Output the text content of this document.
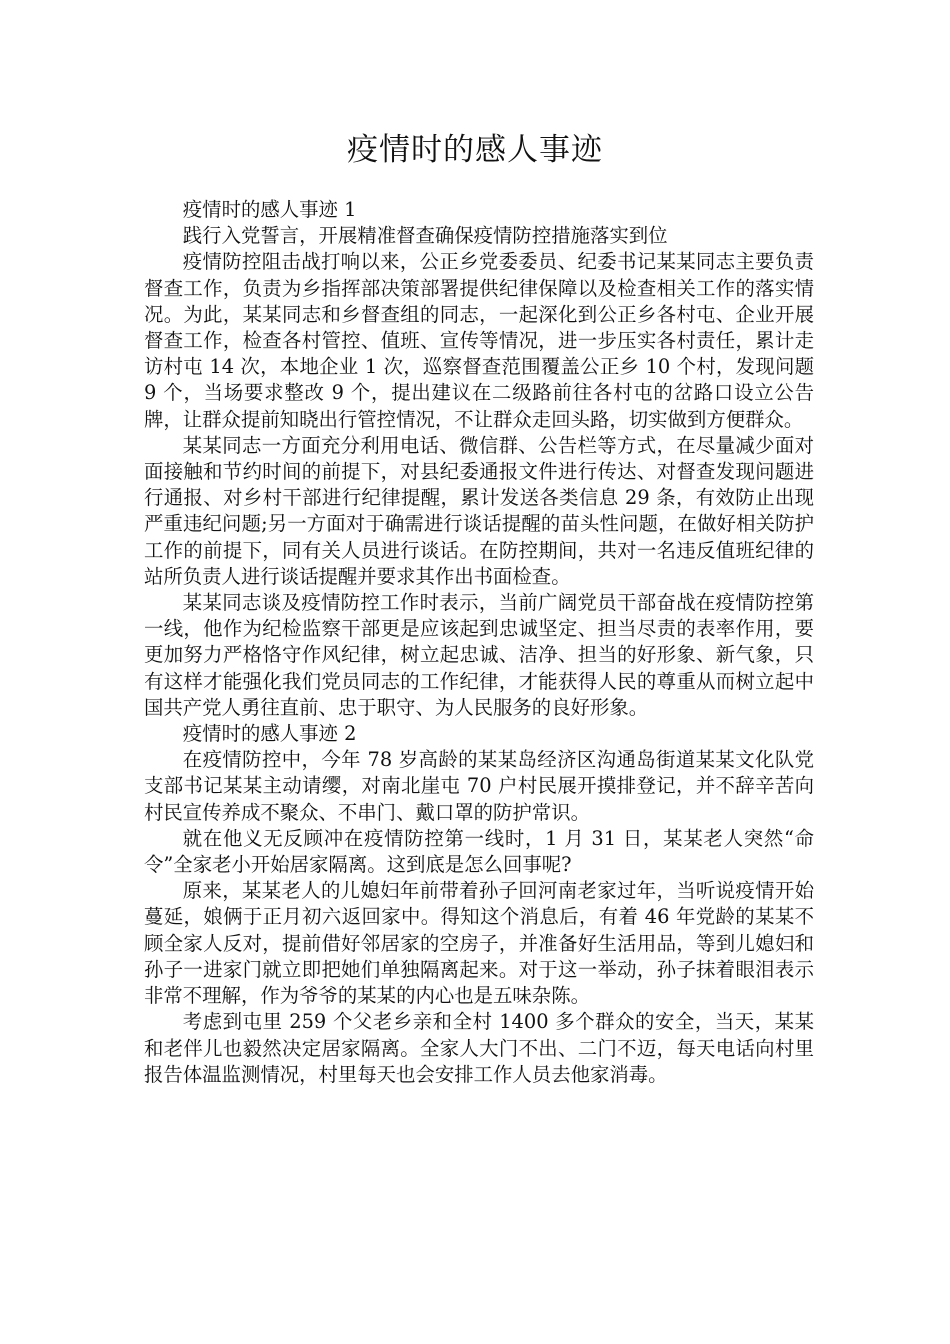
疫情时的感人事迹

疫情时的感人事迹 1

践行入党誓言，开展精准督查确保疫情防控措施落实到位

疫情防控阻击战打响以来，公正乡党委委员、纪委书记某某同志主要负责督查工作，负责为乡指挥部决策部署提供纪律保障以及检查相关工作的落实情况。为此，某某同志和乡督查组的同志，一起深化到公正乡各村屯、企业开展督查工作，检查各村管控、值班、宣传等情况，进一步压实各村责任，累计走访村屯 14 次，本地企业 1 次，巡察督查范围覆盖公正乡 10 个村，发现问题 9 个，当场要求整改 9 个，提出建议在二级路前往各村屯的岔路口设立公告牌，让群众提前知晓出行管控情况，不让群众走回头路，切实做到方便群众。

某某同志一方面充分利用电话、微信群、公告栏等方式，在尽量减少面对面接触和节约时间的前提下，对县纪委通报文件进行传达、对督查发现问题进行通报、对乡村干部进行纪律提醒，累计发送各类信息 29 条，有效防止出现严重违纪问题;另一方面对于确需进行谈话提醒的苗头性问题，在做好相关防护工作的前提下，同有关人员进行谈话。在防控期间，共对一名违反值班纪律的站所负责人进行谈话提醒并要求其作出书面检查。

某某同志谈及疫情防控工作时表示，当前广阔党员干部奋战在疫情防控第一线，他作为纪检监察干部更是应该起到忠诚坚定、担当尽责的表率作用，要更加努力严格恪守作风纪律，树立起忠诚、洁净、担当的好形象、新气象，只有这样才能强化我们党员同志的工作纪律，才能获得人民的尊重从而树立起中国共产党人勇往直前、忠于职守、为人民服务的良好形象。

疫情时的感人事迹 2

在疫情防控中，今年 78 岁高龄的某某岛经济区沟通岛街道某某文化队党支部书记某某主动请缨，对南北崖屯 70 户村民展开摸排登记，并不辞辛苦向村民宣传养成不聚众、不串门、戴口罩的防护常识。

就在他义无反顾冲在疫情防控第一线时，1 月 31 日，某某老人突然“命令”全家老小开始居家隔离。这到底是怎么回事呢?

原来，某某老人的儿媳妇年前带着孙子回河南老家过年，当听说疫情开始蔓延，娘俩于正月初六返回家中。得知这个消息后，有着 46 年党龄的某某不顾全家人反对，提前借好邻居家的空房子，并准备好生活用品，等到儿媳妇和孙子一进家门就立即把她们单独隔离起来。对于这一举动，孙子抹着眼泪表示非常不理解，作为爷爷的某某的内心也是五味杂陈。

考虑到屯里 259 个父老乡亲和全村 1400 多个群众的安全，当天，某某和老伴儿也毅然决定居家隔离。全家人大门不出、二门不迈，每天电话向村里报告体温监测情况，村里每天也会安排工作人员去他家消毒。
